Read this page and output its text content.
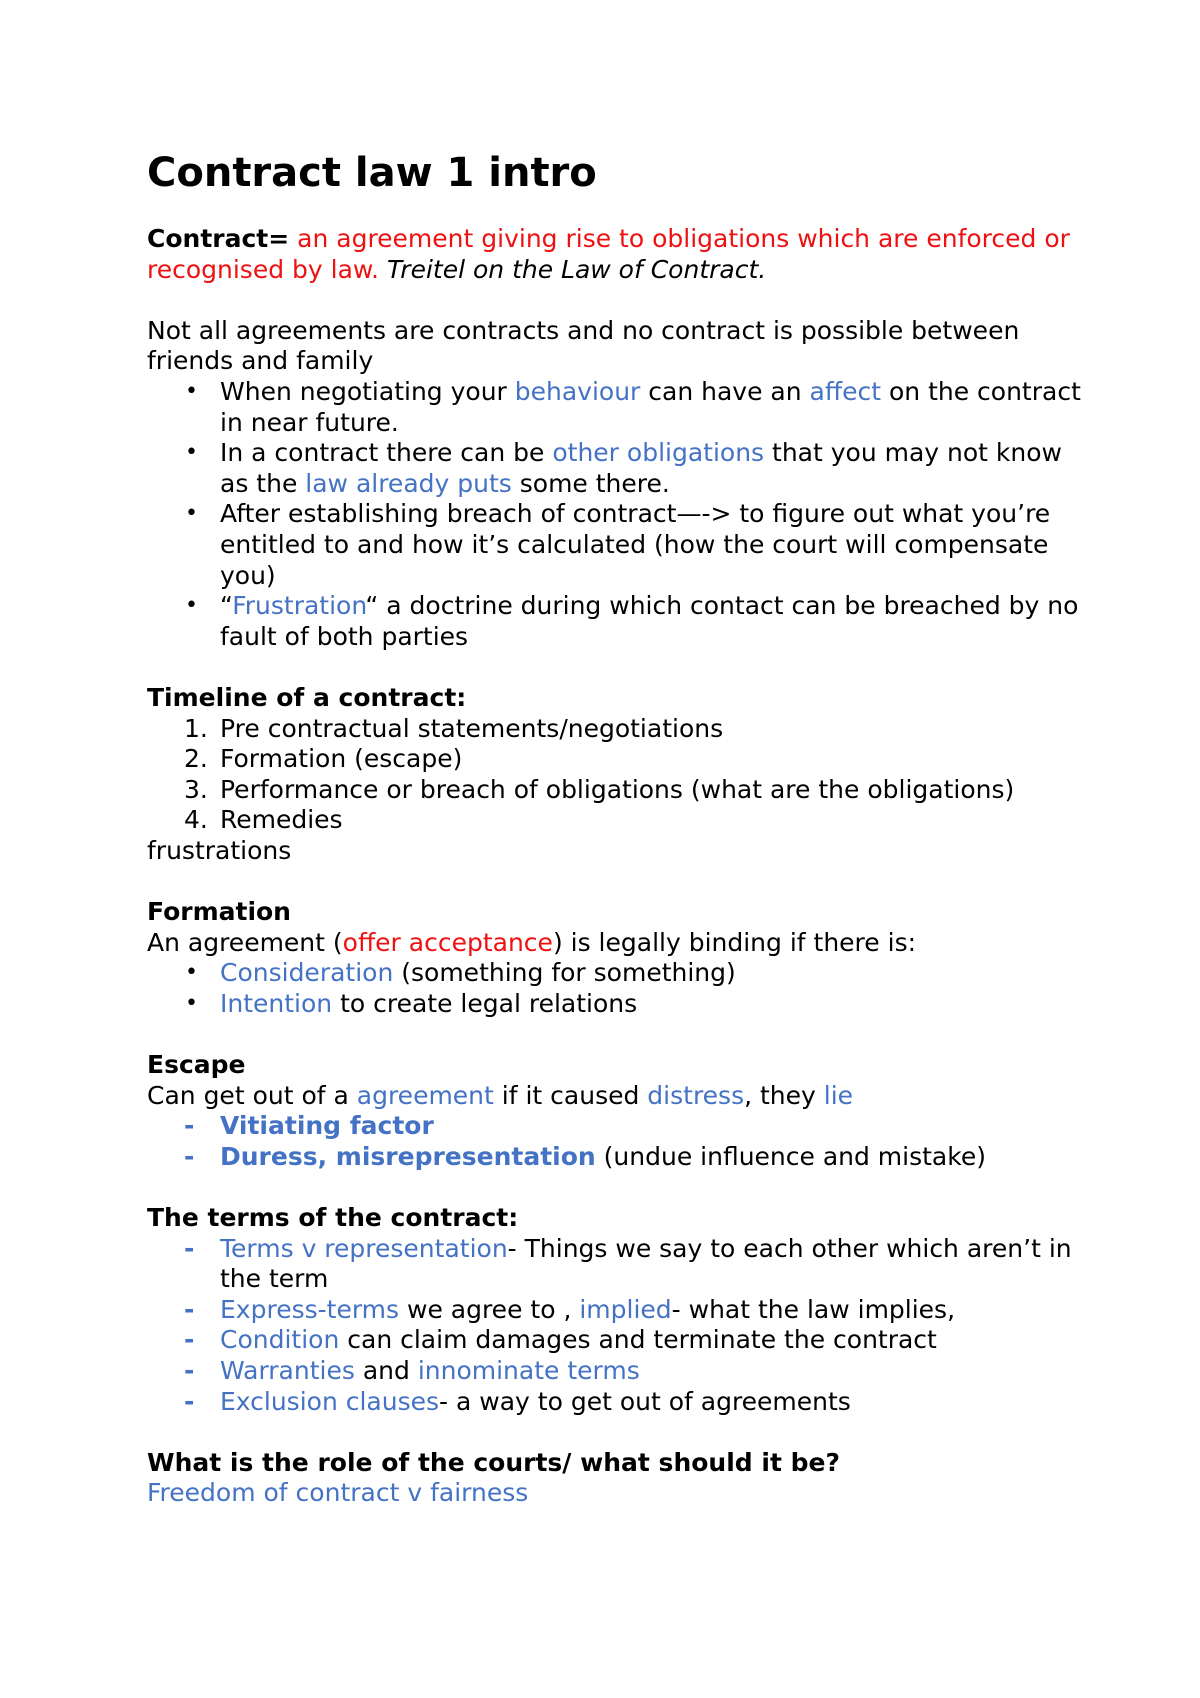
Contract law 1 intro

Contract= an agreement giving rise to obligations which are enforced or recognised by law. Treitel on the Law of Contract.

Not all agreements are contracts and no contract is possible between friends and family

• When negotiating your behaviour can have an affect on the contract in near future.
• In a contract there can be other obligations that you may not know as the law already puts some there.
• After establishing breach of contract—-> to figure out what you’re entitled to and how it’s calculated (how the court will compensate you)
• “Frustration“ a doctrine during which contact can be breached by no fault of both parties

Timeline of a contract:

1. Pre contractual statements/negotiations
2. Formation (escape)
3. Performance or breach of obligations (what are the obligations)
4. Remedies

frustrations

Formation

An agreement (offer acceptance) is legally binding if there is:

• Consideration (something for something)
• Intention to create legal relations

Escape

Can get out of a agreement if it caused distress, they lie

- Vitiating factor
- Duress, misrepresentation (undue influence and mistake)

The terms of the contract:

- Terms v representation- Things we say to each other which aren’t in the term
- Express-terms we agree to , implied- what the law implies,
- Condition can claim damages and terminate the contract
- Warranties and innominate terms
- Exclusion clauses- a way to get out of agreements

What is the role of the courts/ what should it be?

Freedom of contract v fairness
